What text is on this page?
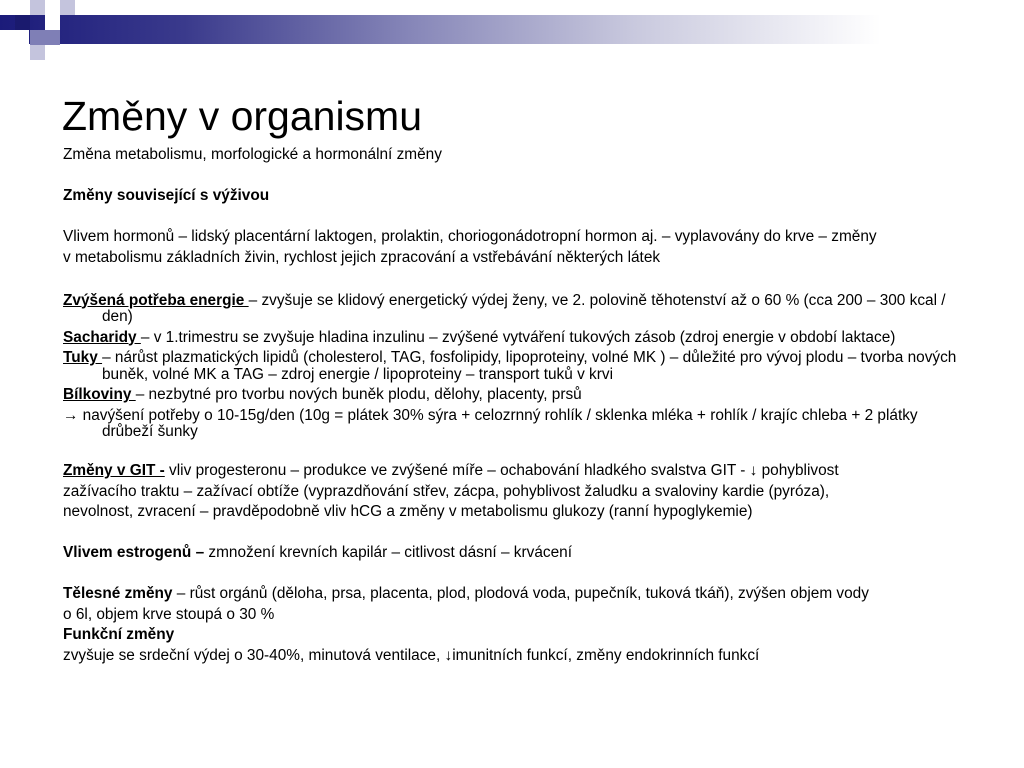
Změny v organismu

Změna metabolismu, morfologické a hormonální změny

Změny související s výživou

Vlivem hormonů – lidský placentární laktogen, prolaktin, choriogonádotropní hormon aj. – vyplavovány do krve – změny

v metabolismu základních živin, rychlost jejich zpracování a vstřebávání některých látek

Zvýšená potřeba energie – zvyšuje se klidový energetický výdej ženy, ve 2. polovině těhotenství až o 60 % (cca 200 – 300 kcal / den)

Sacharidy – v 1.trimestru se zvyšuje hladina inzulinu – zvýšené vytváření tukových zásob (zdroj energie v období laktace)

Tuky – nárůst plazmatických lipidů (cholesterol, TAG, fosfolipidy, lipoproteiny, volné MK ) – důležité pro vývoj plodu – tvorba nových buněk, volné MK a TAG – zdroj energie / lipoproteiny – transport tuků v krvi

Bílkoviny – nezbytné pro tvorbu nových buněk plodu, dělohy, placenty, prsů

→ navýšení potřeby o 10-15g/den (10g = plátek 30% sýra + celozrnný rohlík / sklenka mléka + rohlík / krajíc chleba + 2 plátky drůbeží šunky

Změny v GIT - vliv progesteronu – produkce ve zvýšené míře – ochabování hladkého svalstva GIT - ↓ pohyblivost

zažívacího traktu – zažívací obtíže (vyprazdňování střev, zácpa, pohyblivost žaludku a svaloviny kardie (pyróza),

nevolnost, zvracení – pravděpodobně vliv hCG a změny v metabolismu glukozy (ranní hypoglykemie)

Vlivem estrogenů – zmnožení krevních kapilár – citlivost dásní – krvácení

Tělesné změny – růst orgánů (děloha, prsa, placenta, plod, plodová voda, pupečník, tuková tkáň), zvýšen objem vody

o 6l, objem krve stoupá o 30 %

Funkční změny

zvyšuje se srdeční výdej o 30-40%, minutová ventilace, ↓imunitních funkcí, změny endokrinních funkcí
